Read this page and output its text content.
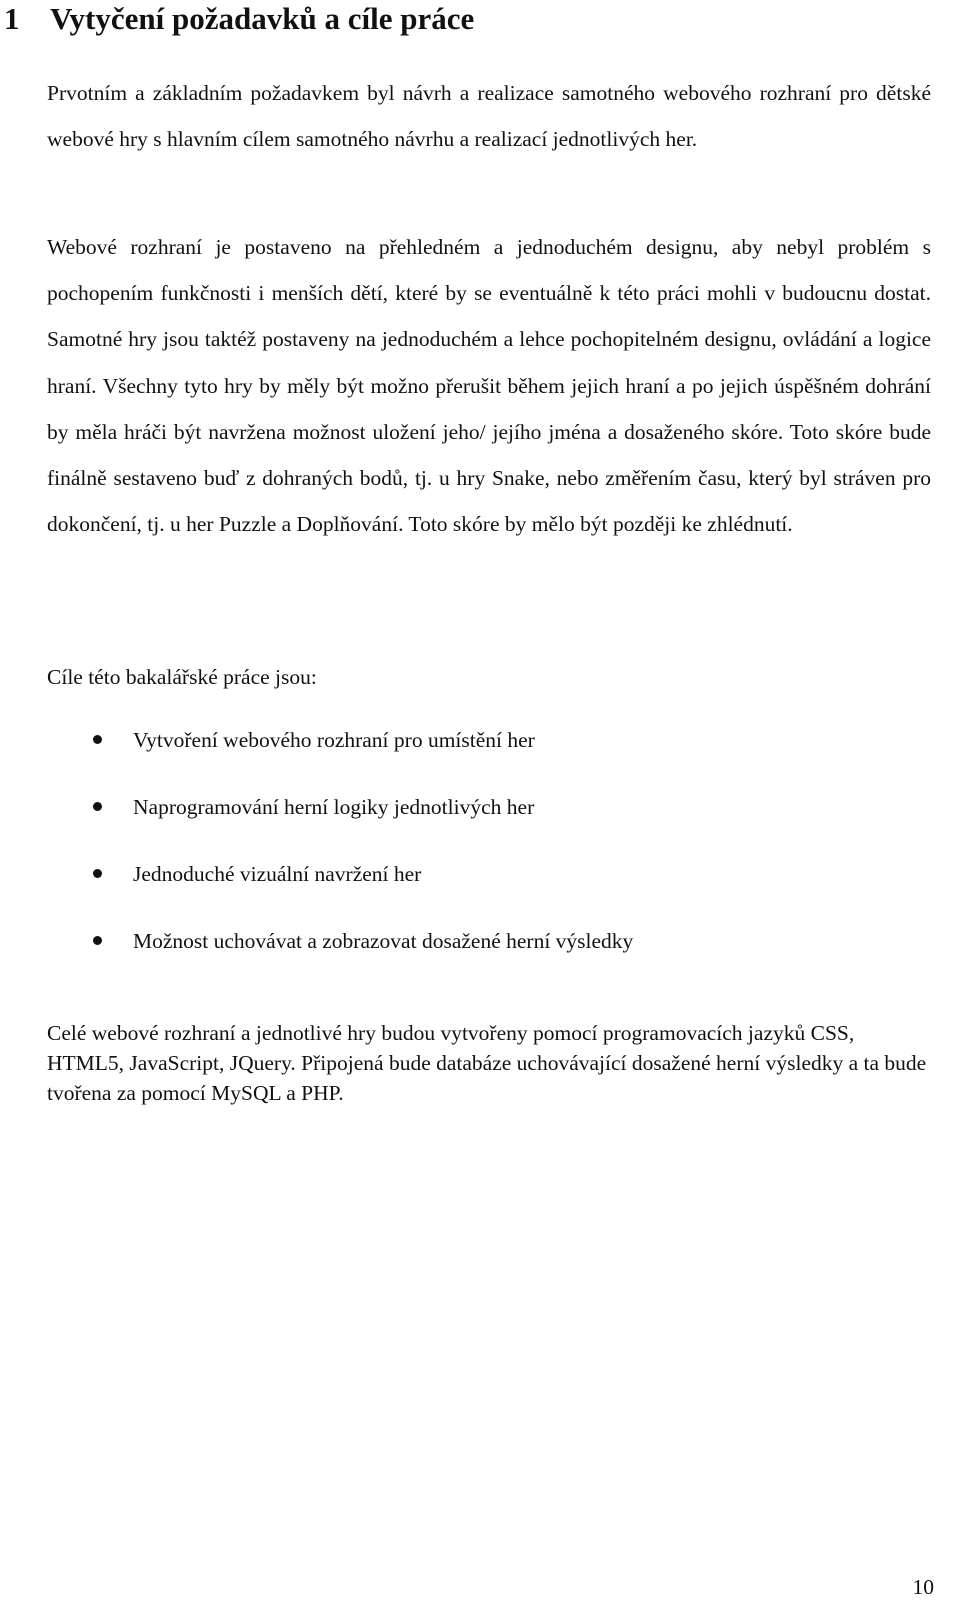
1 Vytyčení požadavků a cíle práce

Prvotním a základním požadavkem byl návrh a realizace samotného webového rozhraní pro dětské webové hry s hlavním cílem samotného návrhu a realizací jednotlivých her.

Webové rozhraní je postaveno na přehledném a jednoduchém designu, aby nebyl problém s pochopením funkčnosti i menších dětí, které by se eventuálně k této práci mohli v budoucnu dostat. Samotné hry jsou taktéž postaveny na jednoduchém a lehce pochopitelném designu, ovládání a logice hraní. Všechny tyto hry by měly být možno přerušit během jejich hraní a po jejich úspěšném dohrání by měla hráči být navržena možnost uložení jeho/ jejího jména a dosaženého skóre. Toto skóre bude finálně sestaveno buď z dohraných bodů, tj. u hry Snake, nebo změřením času, který byl stráven pro dokončení, tj. u her Puzzle a Doplňování. Toto skóre by mělo být později ke zhlédnutí.

Cíle této bakalářské práce jsou:

Vytvoření webového rozhraní pro umístění her
Naprogramování herní logiky jednotlivých her
Jednoduché vizuální navržení her
Možnost uchovávat a zobrazovat dosažené herní výsledky

Celé webové rozhraní a jednotlivé hry budou vytvořeny pomocí programovacích jazyků CSS, HTML5, JavaScript, JQuery. Připojená bude databáze uchovávající dosažené herní výsledky a ta bude tvořena za pomocí MySQL a PHP.

10
